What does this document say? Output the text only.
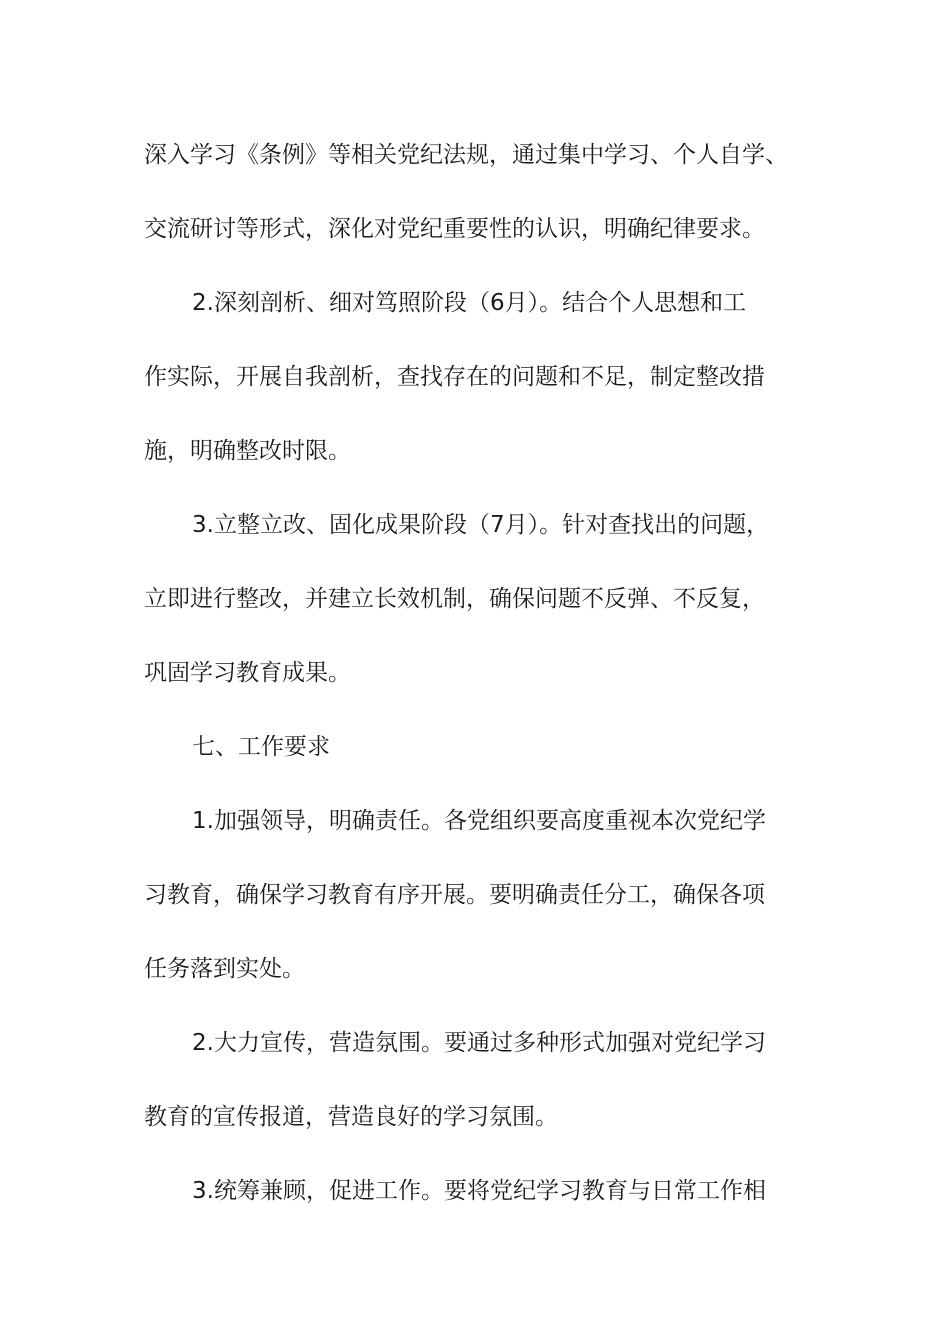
深入学习《条例》等相关党纪法规，通过集中学习、个人自学、

交流研讨等形式，深化对党纪重要性的认识，明确纪律要求。

2.深刻剖析、细对笃照阶段（6月）。结合个人思想和工

作实际，开展自我剖析，查找存在的问题和不足，制定整改措

施，明确整改时限。

3.立整立改、固化成果阶段（7月）。针对查找出的问题，

立即进行整改，并建立长效机制，确保问题不反弹、不反复，

巩固学习教育成果。

七、工作要求

1.加强领导，明确责任。各党组织要高度重视本次党纪学

习教育，确保学习教育有序开展。要明确责任分工，确保各项

任务落到实处。

2.大力宣传，营造氛围。要通过多种形式加强对党纪学习

教育的宣传报道，营造良好的学习氛围。

3.统筹兼顾，促进工作。要将党纪学习教育与日常工作相
